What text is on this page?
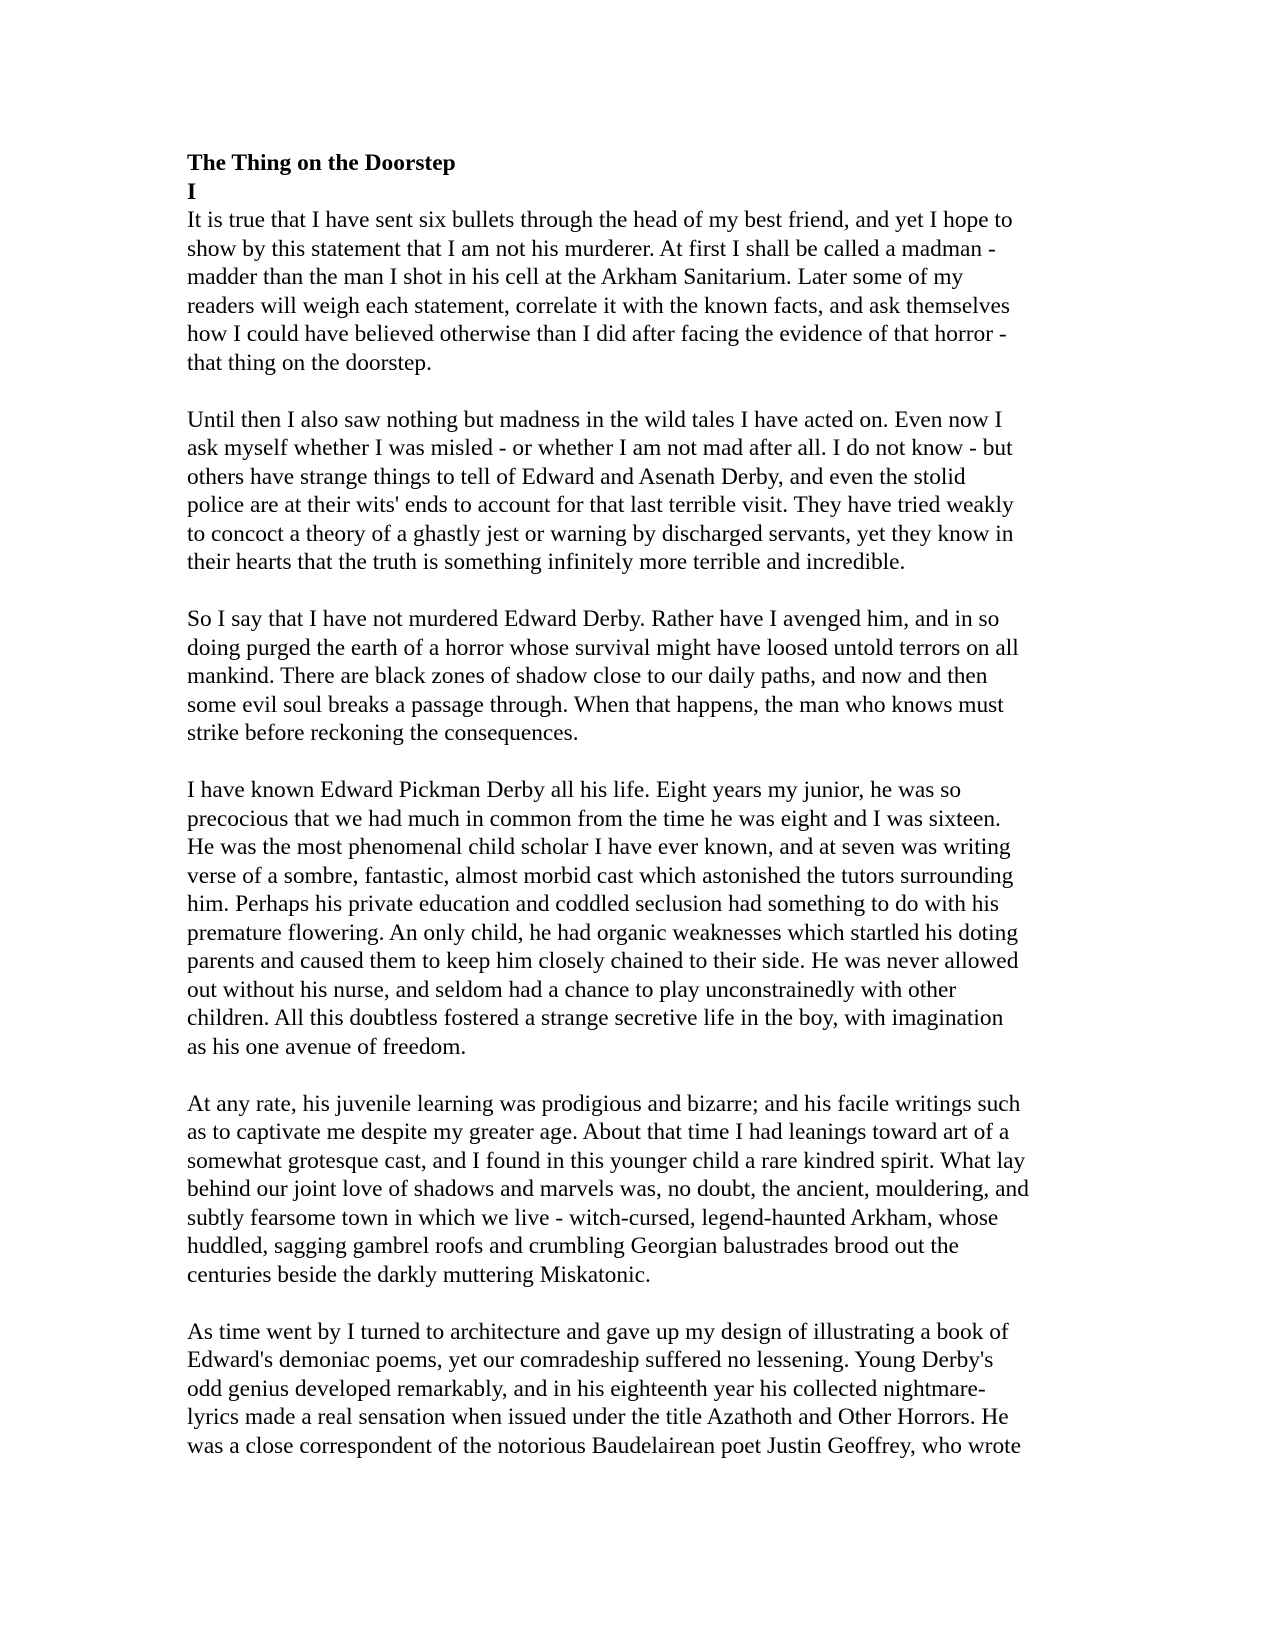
The Thing on the Doorstep
I
It is true that I have sent six bullets through the head of my best friend, and yet I hope to
show by this statement that I am not his murderer. At first I shall be called a madman -
madder than the man I shot in his cell at the Arkham Sanitarium. Later some of my
readers will weigh each statement, correlate it with the known facts, and ask themselves
how I could have believed otherwise than I did after facing the evidence of that horror -
that thing on the doorstep.
Until then I also saw nothing but madness in the wild tales I have acted on. Even now I
ask myself whether I was misled - or whether I am not mad after all. I do not know - but
others have strange things to tell of Edward and Asenath Derby, and even the stolid
police are at their wits' ends to account for that last terrible visit. They have tried weakly
to concoct a theory of a ghastly jest or warning by discharged servants, yet they know in
their hearts that the truth is something infinitely more terrible and incredible.
So I say that I have not murdered Edward Derby. Rather have I avenged him, and in so
doing purged the earth of a horror whose survival might have loosed untold terrors on all
mankind. There are black zones of shadow close to our daily paths, and now and then
some evil soul breaks a passage through. When that happens, the man who knows must
strike before reckoning the consequences.
I have known Edward Pickman Derby all his life. Eight years my junior, he was so
precocious that we had much in common from the time he was eight and I was sixteen.
He was the most phenomenal child scholar I have ever known, and at seven was writing
verse of a sombre, fantastic, almost morbid cast which astonished the tutors surrounding
him. Perhaps his private education and coddled seclusion had something to do with his
premature flowering. An only child, he had organic weaknesses which startled his doting
parents and caused them to keep him closely chained to their side. He was never allowed
out without his nurse, and seldom had a chance to play unconstrainedly with other
children. All this doubtless fostered a strange secretive life in the boy, with imagination
as his one avenue of freedom.
At any rate, his juvenile learning was prodigious and bizarre; and his facile writings such
as to captivate me despite my greater age. About that time I had leanings toward art of a
somewhat grotesque cast, and I found in this younger child a rare kindred spirit. What lay
behind our joint love of shadows and marvels was, no doubt, the ancient, mouldering, and
subtly fearsome town in which we live - witch-cursed, legend-haunted Arkham, whose
huddled, sagging gambrel roofs and crumbling Georgian balustrades brood out the
centuries beside the darkly muttering Miskatonic.
As time went by I turned to architecture and gave up my design of illustrating a book of
Edward's demoniac poems, yet our comradeship suffered no lessening. Young Derby's
odd genius developed remarkably, and in his eighteenth year his collected nightmare-
lyrics made a real sensation when issued under the title Azathoth and Other Horrors. He
was a close correspondent of the notorious Baudelairean poet Justin Geoffrey, who wrote
